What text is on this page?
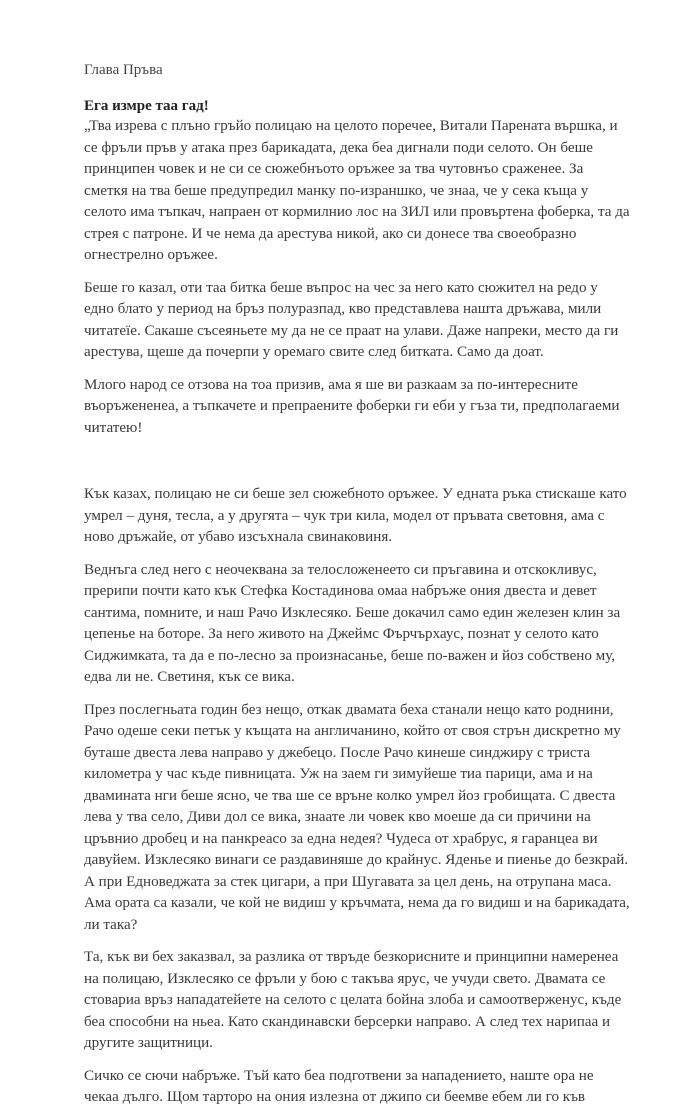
Глава Пръва

Ега измре таа гад!

„Тва изрева с плъно гръйо полицаю на целото поречее, Витали Парената вършка, и се фръли пръв у атака през барикадата, дека беа дигнали поди селото. Он беше принципен човек и не си се сюжебнъото оръжее за тва чутовнъо сраженее. За сметкя на тва беше предупредил манку по-израншко, че знаа, че у сека къща у селото има тъпкач, напраен от кормилнио лос на ЗИЛ или провъртена фоберка, та да стрея с патроне. И че нема да арестува никой, ако си донесе тва своеобразно огнестрелно оръжее.

Беше го казал, оти таа битка беше въпрос на чес за него като сюжител на редо у едно блато у период на бръз полуразпад, кво представлева нашта дръжава, мили читатеїе. Сакаше съсеяньете му да не се праат на улави. Даже напреки, место да ги арестува, щеше да почерпи у оремаго свите след битката. Само да доат.

Млого народ се отзова на тоа призив, ама я ше ви разкаам за по-интересните въоръжененеа, а тъпкачете и препраените фоберки ги еби у гъза ти, предполагаеми читатею!

Кък казах, полицаю не си беше зел сюжебното оръжее. У едната ръка стискаше като умрел – дуня, тесла, а у другята – чук три кила, модел от пръвата световня, ама с ново дръжайе, от убаво изсъхнала свинаковиня.

Веднъга след него с неочеквана за телосложенеето си пръгавина и отскокливус, прерипи почти като кък Стефка Костадинова омаа набръже ония двеста и девет сантима, помните, и наш Рачо Изклесяко. Беше докачил само един железен клин за цепенье на боторе. За него живото на Джеймс Фърчърхаус, познат у селото като Сиджимката, та да е по-лесно за произнасанье, беше по-важен и йоз собствено му, едва ли не. Светиня, кък се вика.

През послегньата годин без нещо, откак двамата беха станали нещо като роднини, Рачо одеше секи петък у къщата на англичанино, който от своя стрън дискретно му буташе двеста лева направо у джебецо. После Рачо кинеше синджиру с триста километра у час къде пивницата. Уж на заем ги зимуйеше тиа парици, ама и на двамината нги беше ясно, че тва ше се връне колко умрел йоз гробищата. С двеста лева у тва село, Диви дол се вика, знаате ли човек кво моеше да си причини на цръвнио дробец и на панкреасо за една недея? Чудеса от храбрус, я гаранцеа ви давуйем. Изклесяко винаги се раздавиняше до крайнус. Яденье и пиенье до безкрай. А при Едноведжата за стек цигари, а при Шугавата за цел день, на отрупана маса. Ама ората са казали, че кой не видиш у кръчмата, нема да го видиш и на барикадата, ли така?

Та, кък ви бех заказвал, за разлика от твръде безкорисните и принципни намеренеа на полицаю, Изклесяко се фръли у бою с такъва ярус, че учуди свето. Двамата се стовариа връз нападатейете на селото с целата бойна злоба и самоотверженус, къде беа способни на ньеа. Като скандинавски берсерки направо. А след тех нарипаа и другите защитници.

Сичко се сючи набръже. Тъй като беа подготвени за нападението, наште ора не чекаа дългo. Щом тарторо на ония излезна от джипо си беемве ебем ли го къв
